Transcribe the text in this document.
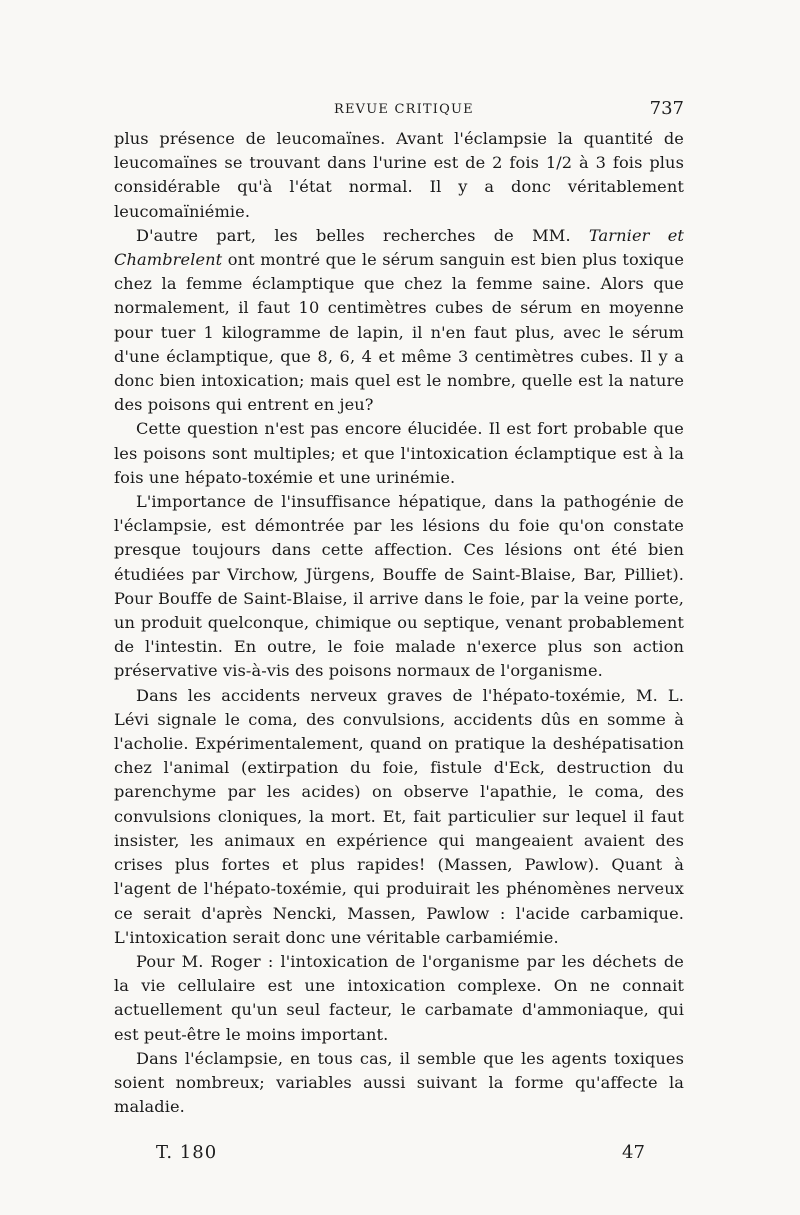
REVUE CRITIQUE	737

plus présence de leucomaïnes. Avant l'éclampsie la quantité de leucomaïnes se trouvant dans l'urine est de 2 fois 1/2 à 3 fois plus considérable qu'à l'état normal. Il y a donc véritablement leucomaïniémie.

D'autre part, les belles recherches de MM. Tarnier et Chambrelent ont montré que le sérum sanguin est bien plus toxique chez la femme éclamptique que chez la femme saine. Alors que normalement, il faut 10 centimètres cubes de sérum en moyenne pour tuer 1 kilogramme de lapin, il n'en faut plus, avec le sérum d'une éclamptique, que 8, 6, 4 et même 3 centimètres cubes. Il y a donc bien intoxication; mais quel est le nombre, quelle est la nature des poisons qui entrent en jeu?

Cette question n'est pas encore élucidée. Il est fort probable que les poisons sont multiples; et que l'intoxication éclamptique est à la fois une hépato-toxémie et une urinémie.

L'importance de l'insuffisance hépatique, dans la pathogénie de l'éclampsie, est démontrée par les lésions du foie qu'on constate presque toujours dans cette affection. Ces lésions ont été bien étudiées par Virchow, Jürgens, Bouffe de Saint-Blaise, Bar, Pilliet). Pour Bouffe de Saint-Blaise, il arrive dans le foie, par la veine porte, un produit quelconque, chimique ou septique, venant probablement de l'intestin. En outre, le foie malade n'exerce plus son action préservative vis-à-vis des poisons normaux de l'organisme.

Dans les accidents nerveux graves de l'hépato-toxémie, M. L. Lévi signale le coma, des convulsions, accidents dûs en somme à l'acholie. Expérimentalement, quand on pratique la deshépatisation chez l'animal (extirpation du foie, fistule d'Eck, destruction du parenchyme par les acides) on observe l'apathie, le coma, des convulsions cloniques, la mort. Et, fait particulier sur lequel il faut insister, les animaux en expérience qui mangeaient avaient des crises plus fortes et plus rapides! (Massen, Pawlow). Quant à l'agent de l'hépato-toxémie, qui produirait les phénomènes nerveux ce serait d'après Nencki, Massen, Pawlow : l'acide carbamique. L'intoxication serait donc une véritable carbamiémie.

Pour M. Roger : l'intoxication de l'organisme par les déchets de la vie cellulaire est une intoxication complexe. On ne connait actuellement qu'un seul facteur, le carbamate d'ammoniaque, qui est peut-être le moins important.

Dans l'éclampsie, en tous cas, il semble que les agents toxiques soient nombreux; variables aussi suivant la forme qu'affecte la maladie.

T. 180	47
